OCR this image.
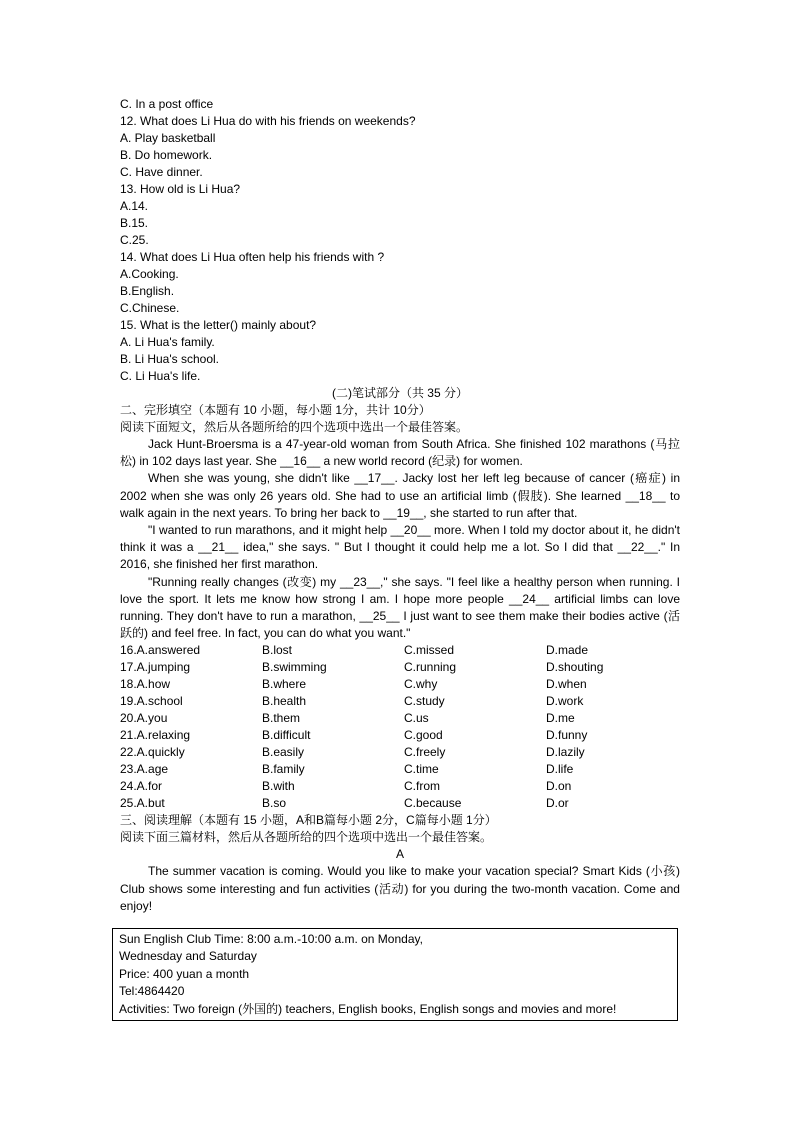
C. In a post office
12. What does Li Hua do with his friends on weekends?
A. Play basketball
B. Do homework.
C. Have dinner.
13. How old is Li Hua?
A.14.
B.15.
C.25.
14. What does Li Hua often help his friends with ?
A.Cooking.
B.English.
C.Chinese.
15. What is the letter() mainly about?
A. Li Hua's family.
B. Li Hua's school.
C. Li Hua's life.
(二)笔试部分（共 35 分）
二、完形填空（本题有 10 小题，每小题 1分，共计 10分）
阅读下面短文，然后从各题所给的四个选项中选出一个最佳答案。

Jack Hunt-Broersma is a 47-year-old woman from South Africa. She finished 102 marathons (马拉松) in 102 days last year. She __16__ a new world record (纪录) for women.

When she was young, she didn't like __17__. Jacky lost her left leg because of cancer (癌症) in 2002 when she was only 26 years old. She had to use an artificial limb (假肢). She learned __18__ to walk again in the next years. To bring her back to __19__, she started to run after that.

"I wanted to run marathons, and it might help __20__ more. When I told my doctor about it, he didn't think it was a __21__ idea," she says. " But I thought it could help me a lot. So I did that __22__." In 2016, she finished her first marathon.

"Running really changes (改变) my __23__," she says. "I feel like a healthy person when running. I love the sport. It lets me know how strong I am. I hope more people __24__ artificial limbs can love running. They don't have to run a marathon, __25__ I just want to see them make their bodies active (活跃的) and feel free. In fact, you can do what you want."

16.A.answered	B.lost	C.missed	D.made
17.A.jumping	B.swimming	C.running	D.shouting
18.A.how	B.where	C.why	D.when
19.A.school	B.health	C.study	D.work
20.A.you	B.them	C.us	D.me
21.A.relaxing	B.difficult	C.good	D.funny
22.A.quickly	B.easily	C.freely	D.lazily
23.A.age	B.family	C.time	D.life
24.A.for	B.with	C.from	D.on
25.A.but	B.so	C.because	D.or
三、阅读理解（本题有 15 小题，A和B篇每小题 2分，C篇每小题 1分）
阅读下面三篇材料，然后从各题所给的四个选项中选出一个最佳答案。
A

The summer vacation is coming. Would you like to make your vacation special? Smart Kids (小孩) Club shows some interesting and fun activities (活动) for you during the two-month vacation. Come and enjoy!

Sun English Club Time: 8:00 a.m.-10:00 a.m. on Monday,
Wednesday and Saturday
Price: 400 yuan a month
Tel:4864420
Activities: Two foreign (外国的) teachers, English books, English songs and movies and more!
